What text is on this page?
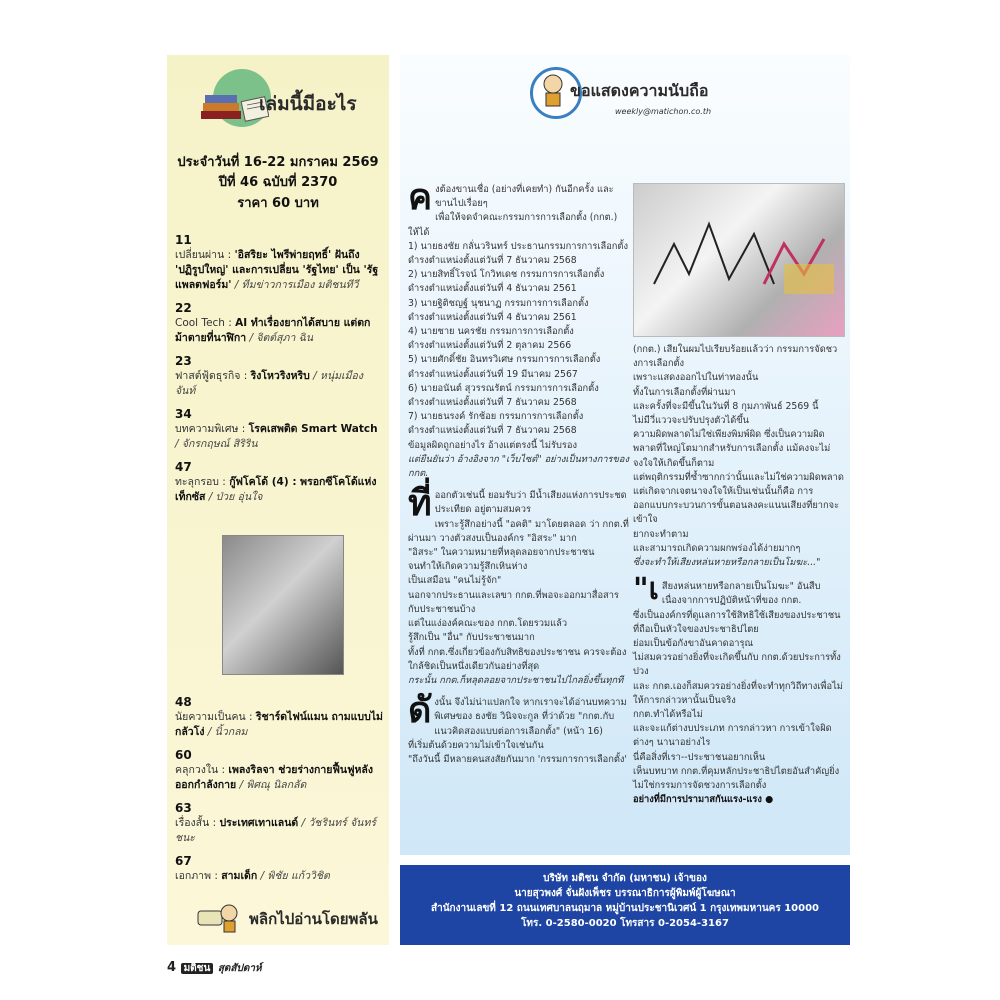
เล่มนี้มีอะไร
ประจำวันที่ 16-22 มกราคม 2569
ปีที่ 46 ฉบับที่ 2370
ราคา 60 บาท
11
เปลี่ยนผ่าน : 'อิสริยะ ไพรีพ่ายฤทธิ์' ฝันถึง 'ปฏิรูปใหญ่' และการเปลี่ยน 'รัฐไทย' เป็น 'รัฐแพลตฟอร์ม' / ทีมข่าวการเมือง มติชนทีวี
22
Cool Tech : AI ทำเรื่องยากได้สบาย แต่ตกม้าตายที่นาฬิกา / จิตต์สุภา ฉิน
23
ฟาสต์ฟู้ดธุรกิจ : ริงโหวริงหริบ / หนุ่มเมืองจันท์
34
บทความพิเศษ : โรคเสพติด Smart Watch / จักรกฤษณ์ สิริริน
47
ทะลุกรอบ : กู๊ฟโคโด้ (4) : พรอกซีโคโด้แห่งเท็กซัส / ป่วย อุ่นใจ
48
นัยความเป็นคน : ริชาร์ดไฟน์แมน ถามแบบไม่กลัวโง่ / นิ้วกลม
60
คลุกวงใน : เพลงริลจา ช่วยร่างกายฟื้นฟูหลังออกกำลังกาย / พิศณุ นิลกลัด
63
เรื่องสั้น : ประเทศเทาแลนด์ / วัชรินทร์ จันทร์ชนะ
67
เอกภาพ : สามเด็ก / พิชัย แก้ววิชิต
พลิกไปอ่านโดยพลัน
ขอแสดงความนับถือ
weekly@matichon.co.th

คงต้องขานเชื่อ (อย่างที่เคยทำ) กันอีกครั้ง และขานไปเรื่อยๆ

เพื่อให้จดจำคณะกรรมการการเลือกตั้ง (กกต.) ให้ได้

1) นายธงชัย กลั่นวรินทร์ ประธานกรรมการการเลือกตั้ง

ดำรงตำแหน่งตั้งแต่วันที่ 7 ธันวาคม 2568

2) นายสิทธิ์โรจน์ โกวิทเดช กรรมการการเลือกตั้ง

ดำรงตำแหน่งตั้งแต่วันที่ 4 ธันวาคม 2561

3) นายฐิติชญฐ์ นุชนาฏ กรรมการการเลือกตั้ง

ดำรงตำแหน่งตั้งแต่วันที่ 4 ธันวาคม 2561

4) นายชาย นครชัย กรรมการการเลือกตั้ง

ดำรงตำแหน่งตั้งแต่วันที่ 2 ตุลาคม 2566

5) นายศักดิ์ชัย อินทรวิเศษ กรรมการการเลือกตั้ง

ดำรงตำแหน่งตั้งแต่วันที่ 19 มีนาคม 2567

6) นายอนันต์ สุวรรณรัตน์ กรรมการการเลือกตั้ง

ดำรงตำแหน่งตั้งแต่วันที่ 7 ธันวาคม 2568

7) นายธนรงค์ รักช้อย กรรมการการเลือกตั้ง

ดำรงตำแหน่งตั้งแต่วันที่ 7 ธันวาคม 2568

ข้อมูลผิดถูกอย่างไร อ้างแต่ตรงนี้ ไม่รับรอง

แต่ยืนยันว่า อ้างอิงจาก "เว็บไซต์" อย่างเป็นทางการของ กกต.

ที่ออกตัวเช่นนี้ ยอมรับว่า มีน้ำเสียงแห่งการประชดประเทียด อยู่ตามสมควร

เพราะรู้สึกอย่างนี้ "อคติ" มาโดยตลอด ว่า กกต.ที่ผ่านมา วางตัวสงบเป็นองค์กร "อิสระ" มาก

"อิสระ" ในความหมายที่หลุดลอยจากประชาชน

จนทำให้เกิดความรู้สึกเหินห่าง

เป็นเสมือน "คนไม่รู้จัก"

นอกจากประธานและเลขา กกต.ที่พอจะออกมาสื่อสารกับประชาชนบ้าง

แต่ในแง่องค์คณะของ กกต.โดยรวมแล้ว

รู้สึกเป็น "อื่น" กับประชาชนมาก

ทั้งที่ กกต.ซึ่งเกี่ยวข้องกับสิทธิของประชาชน ควรจะต้องใกล้ชิดเป็นหนึ่งเดียวกันอย่างที่สุด

กระนั้น กกต.ก็หลุดลอยจากประชาชนไปไกลยิ่งขึ้นทุกที

ดังนั้น จึงไม่น่าแปลกใจ หากเราจะได้อ่านบทความพิเศษของ ธงชัย วินิจจะกูล ที่ว่าด้วย "กกต.กับแนวคิดสองแบบต่อการเลือกตั้ง" (หน้า 16)

ที่เริ่มต้นด้วยความไม่เข้าใจเช่นกัน

"ถึงวันนี้ มีหลายคนสงสัยกันมาก 'กรรมการการเลือกตั้ง'

(กกต.) เสียในผมไปเรียบร้อยแล้วว่า กรรมการจัดชวงการเลือกตั้ง

เพราะแสดงออกไปในท่าทองนั้น

ทั้งในการเลือกตั้งที่ผ่านมา

และครั้งที่จะมีขึ้นในวันที่ 8 กุมภาพันธ์ 2569 นี้

ไม่มีวี่แววจะปรับปรุงตัวได้ขึ้น

ความผิดพลาดไม่ใช่เพียงพิมพ์ผิด ซึ่งเป็นความผิดพลาดที่ใหญ่โตมากสำหรับการเลือกตั้ง แม้คงจะไม่จงใจให้เกิดขึ้นก็ตาม

แต่พฤติกรรมที่ซ้ำซากกว่านั้นและไม่ใช่ความผิดพลาด

แต่เกิดจากเจตนาจงใจให้เป็นเช่นนั้นก็คือ การออกแบบกระบวนการขั้นตอนลงคะแนนเสียงที่ยากจะเข้าใจ

ยากจะทำตาม

และสามารถเกิดความผกพร่องได้ง่ายมากๆ

ซึ่งจะทำให้เสียงหล่นหายหรือกลายเป็นโมฆะ..."

"เสียงหล่นหายหรือกลายเป็นโมฆะ" อันสืบเนื่องจากการปฏิบัติหน้าที่ของ กกต.

ซึ่งเป็นองค์กรที่ดูแลการใช้สิทธิใช้เสียงของประชาชนที่ถือเป็นหัวใจของประชาธิปไตย

ย่อมเป็นข้อกังขาอันคาดอารุณ

ไม่สมควรอย่างยิ่งที่จะเกิดขึ้นกับ กกต.ด้วยประการทั้งปวง

และ กกต.เองก็สมควรอย่างยิ่งที่จะทำทุกวิถีทางเพื่อไม่ให้การกล่าวหานั้นเป็นจริง

กกต.ทำได้หรือไม่

และจะแก้ต่างบประเภท การกล่าวหา การเข้าใจผิดต่างๆ นานาอย่างไร

นี่คือสิ่งที่เรา--ประชาชนอยากเห็น

เห็นบทบาท กกต.ที่คุมหลักประชาธิปไตยอันสำคัญยิ่ง ไม่ใช่กรรมการจัดชวงการเลือกตั้ง

อย่างที่มีการปรามาสกันแรง-แรง ●

บริษัท มติชน จำกัด (มหาชน) เจ้าของ
นายสุวพงศ์ จั่นฝังเพ็ชร บรรณาธิการผู้พิมพ์ผู้โฆษณา
สำนักงานเลขที่ 12 ถนนเทศบาลนฤมาล หมู่บ้านประชานิเวศน์ 1 กรุงเทพมหานคร 10000
โทร. 0-2580-0020 โทรสาร 0-2054-3167
4 มติชน สุดสัปดาห์
